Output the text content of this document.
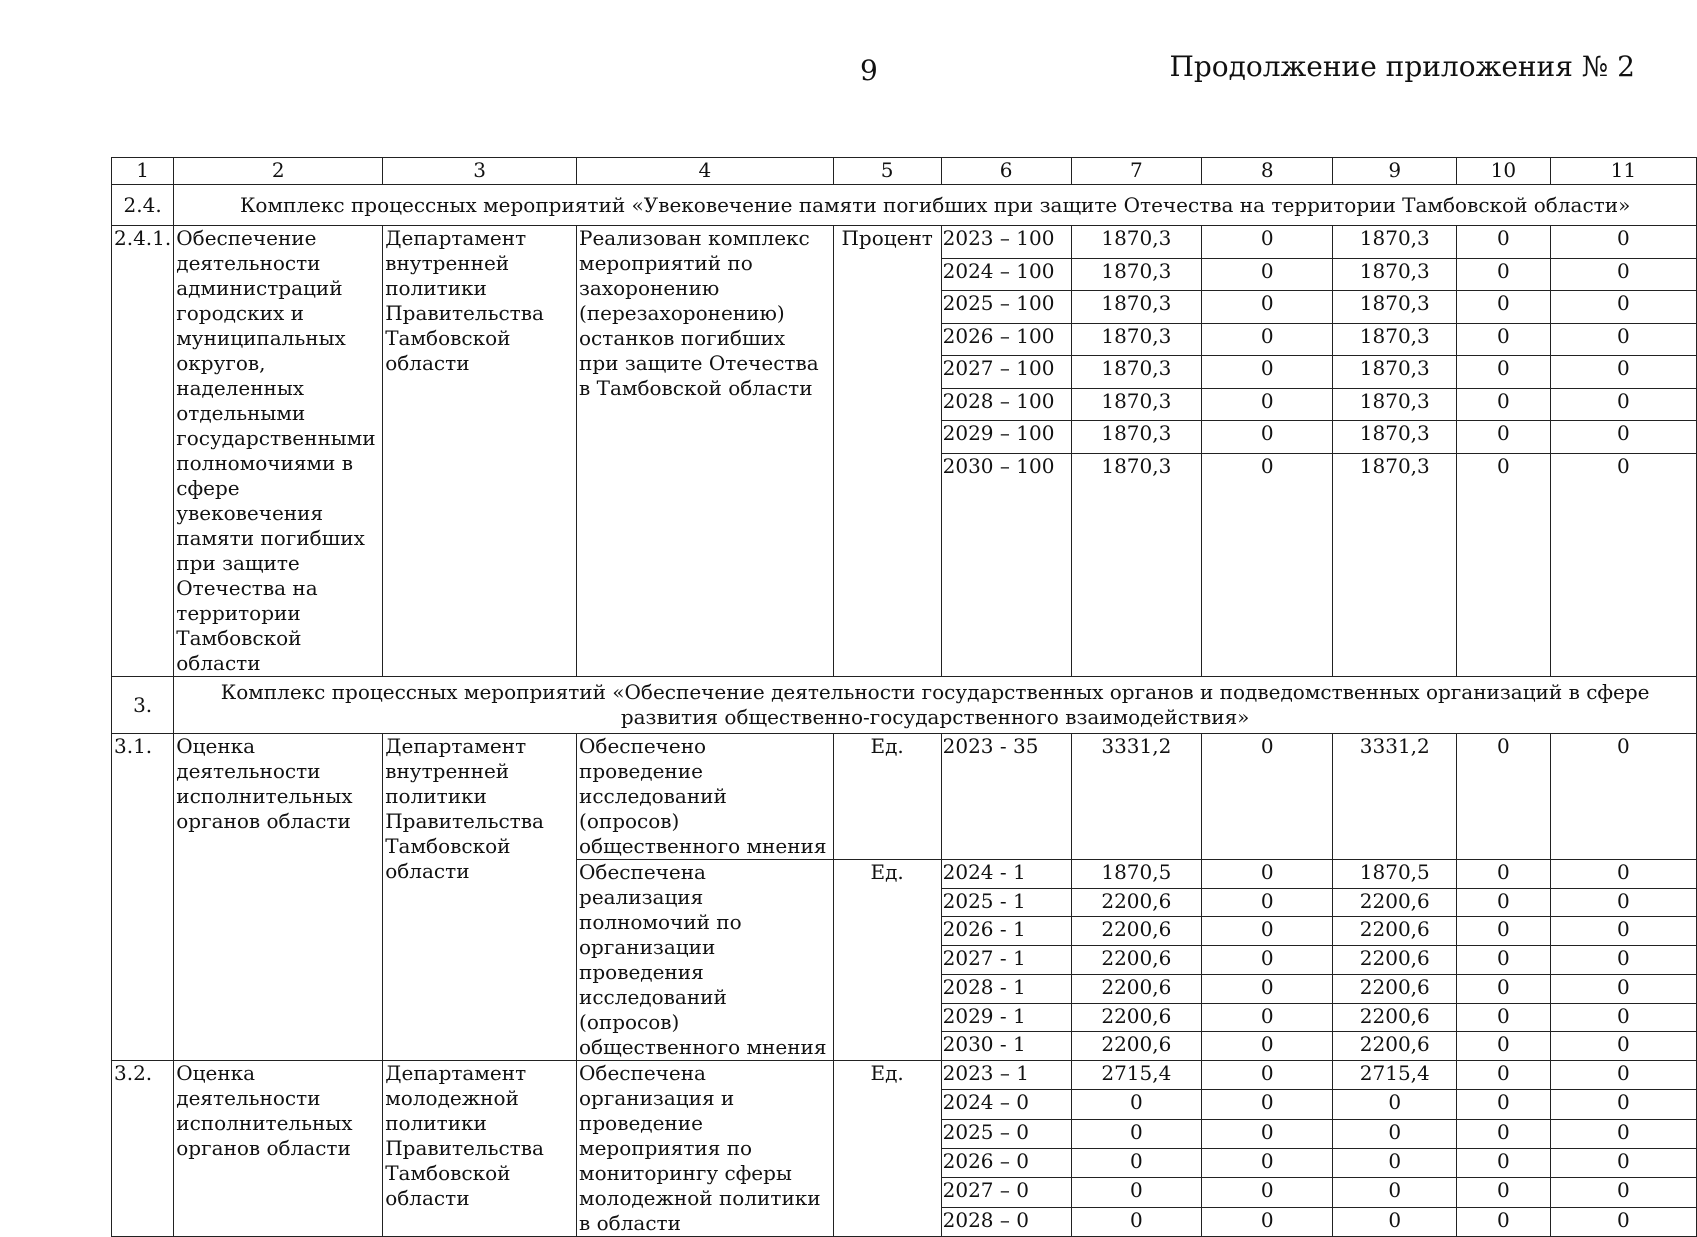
9	Продолжение приложения № 2
1	2	3	4	5	6	7	8	9	10	11
2.4.	Комплекс процессных мероприятий «Увековечение памяти погибших при защите Отечества на территории Тамбовской области»									
2.4.1.	Обеспечение деятельности администраций городских и муниципальных округов, наделенных отдельными государственными полномочиями в сфере увековечения памяти погибших при защите Отечества на территории Тамбовской области	Департамент внутренней политики Правительства Тамбовской области	Реализован комплекс мероприятий по захоронению (перезахоронению) останков погибших при защите Отечества в Тамбовской области	Процент	2023 – 100	1870,3	0	1870,3	0	0
					2024 – 100	1870,3	0	1870,3	0	0
					2025 – 100	1870,3	0	1870,3	0	0
					2026 – 100	1870,3	0	1870,3	0	0
					2027 – 100	1870,3	0	1870,3	0	0
					2028 – 100	1870,3	0	1870,3	0	0
					2029 – 100	1870,3	0	1870,3	0	0
					2030 – 100	1870,3	0	1870,3	0	0
3.	Комплекс процессных мероприятий «Обеспечение деятельности государственных органов и подведомственных организаций в сфере развития общественно-государственного взаимодействия»									
3.1.	Оценка деятельности исполнительных органов области	Департамент внутренней политики Правительства Тамбовской области	Обеспечено проведение исследований (опросов) общественного мнения	Ед.	2023 - 35	3331,2	0	3331,2	0	0
			Обеспечена реализация полномочий по организации проведения исследований (опросов) общественного мнения	Ед.	2024 - 1	1870,5	0	1870,5	0	0
					2025 - 1	2200,6	0	2200,6	0	0
					2026 - 1	2200,6	0	2200,6	0	0
					2027 - 1	2200,6	0	2200,6	0	0
					2028 - 1	2200,6	0	2200,6	0	0
					2029 - 1	2200,6	0	2200,6	0	0
					2030 - 1	2200,6	0	2200,6	0	0
3.2.	Оценка деятельности исполнительных органов области	Департамент молодежной политики Правительства Тамбовской области	Обеспечена организация и проведение мероприятия по мониторингу сферы молодежной политики в области	Ед.	2023 – 1	2715,4	0	2715,4	0	0
					2024 – 0	0	0	0	0	0
					2025 – 0	0	0	0	0	0
					2026 – 0	0	0	0	0	0
					2027 – 0	0	0	0	0	0
					2028 – 0	0	0	0	0	0
